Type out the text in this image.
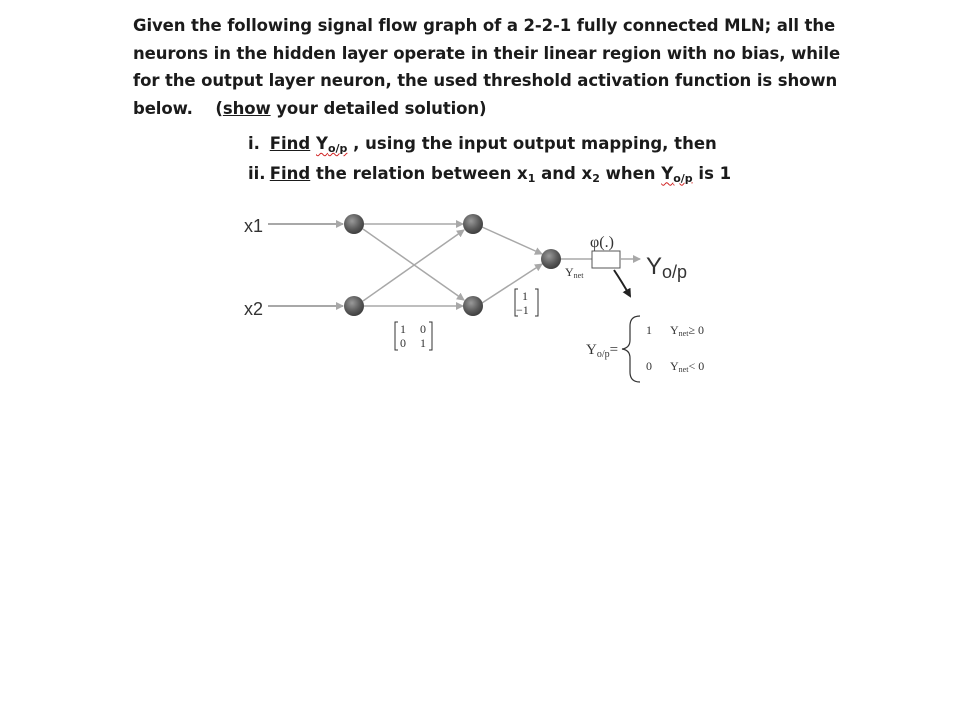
Given the following signal flow graph of a 2-2-1 fully connected MLN; all the
neurons in the hidden layer operate in their linear region with no bias, while
for the output layer neuron, the used threshold activation function is shown
below.    (show your detailed solution)
i. Find Yo/p , using the input output mapping, then
ii. Find the relation between x1 and x2 when Yo/p is 1
x1
x2
φ(.)
Ynet	Yo/p
1 0
0 1
1
−1
$Y_{o/p}=$
1 Ynet≥ 0
0 Ynet< 0
